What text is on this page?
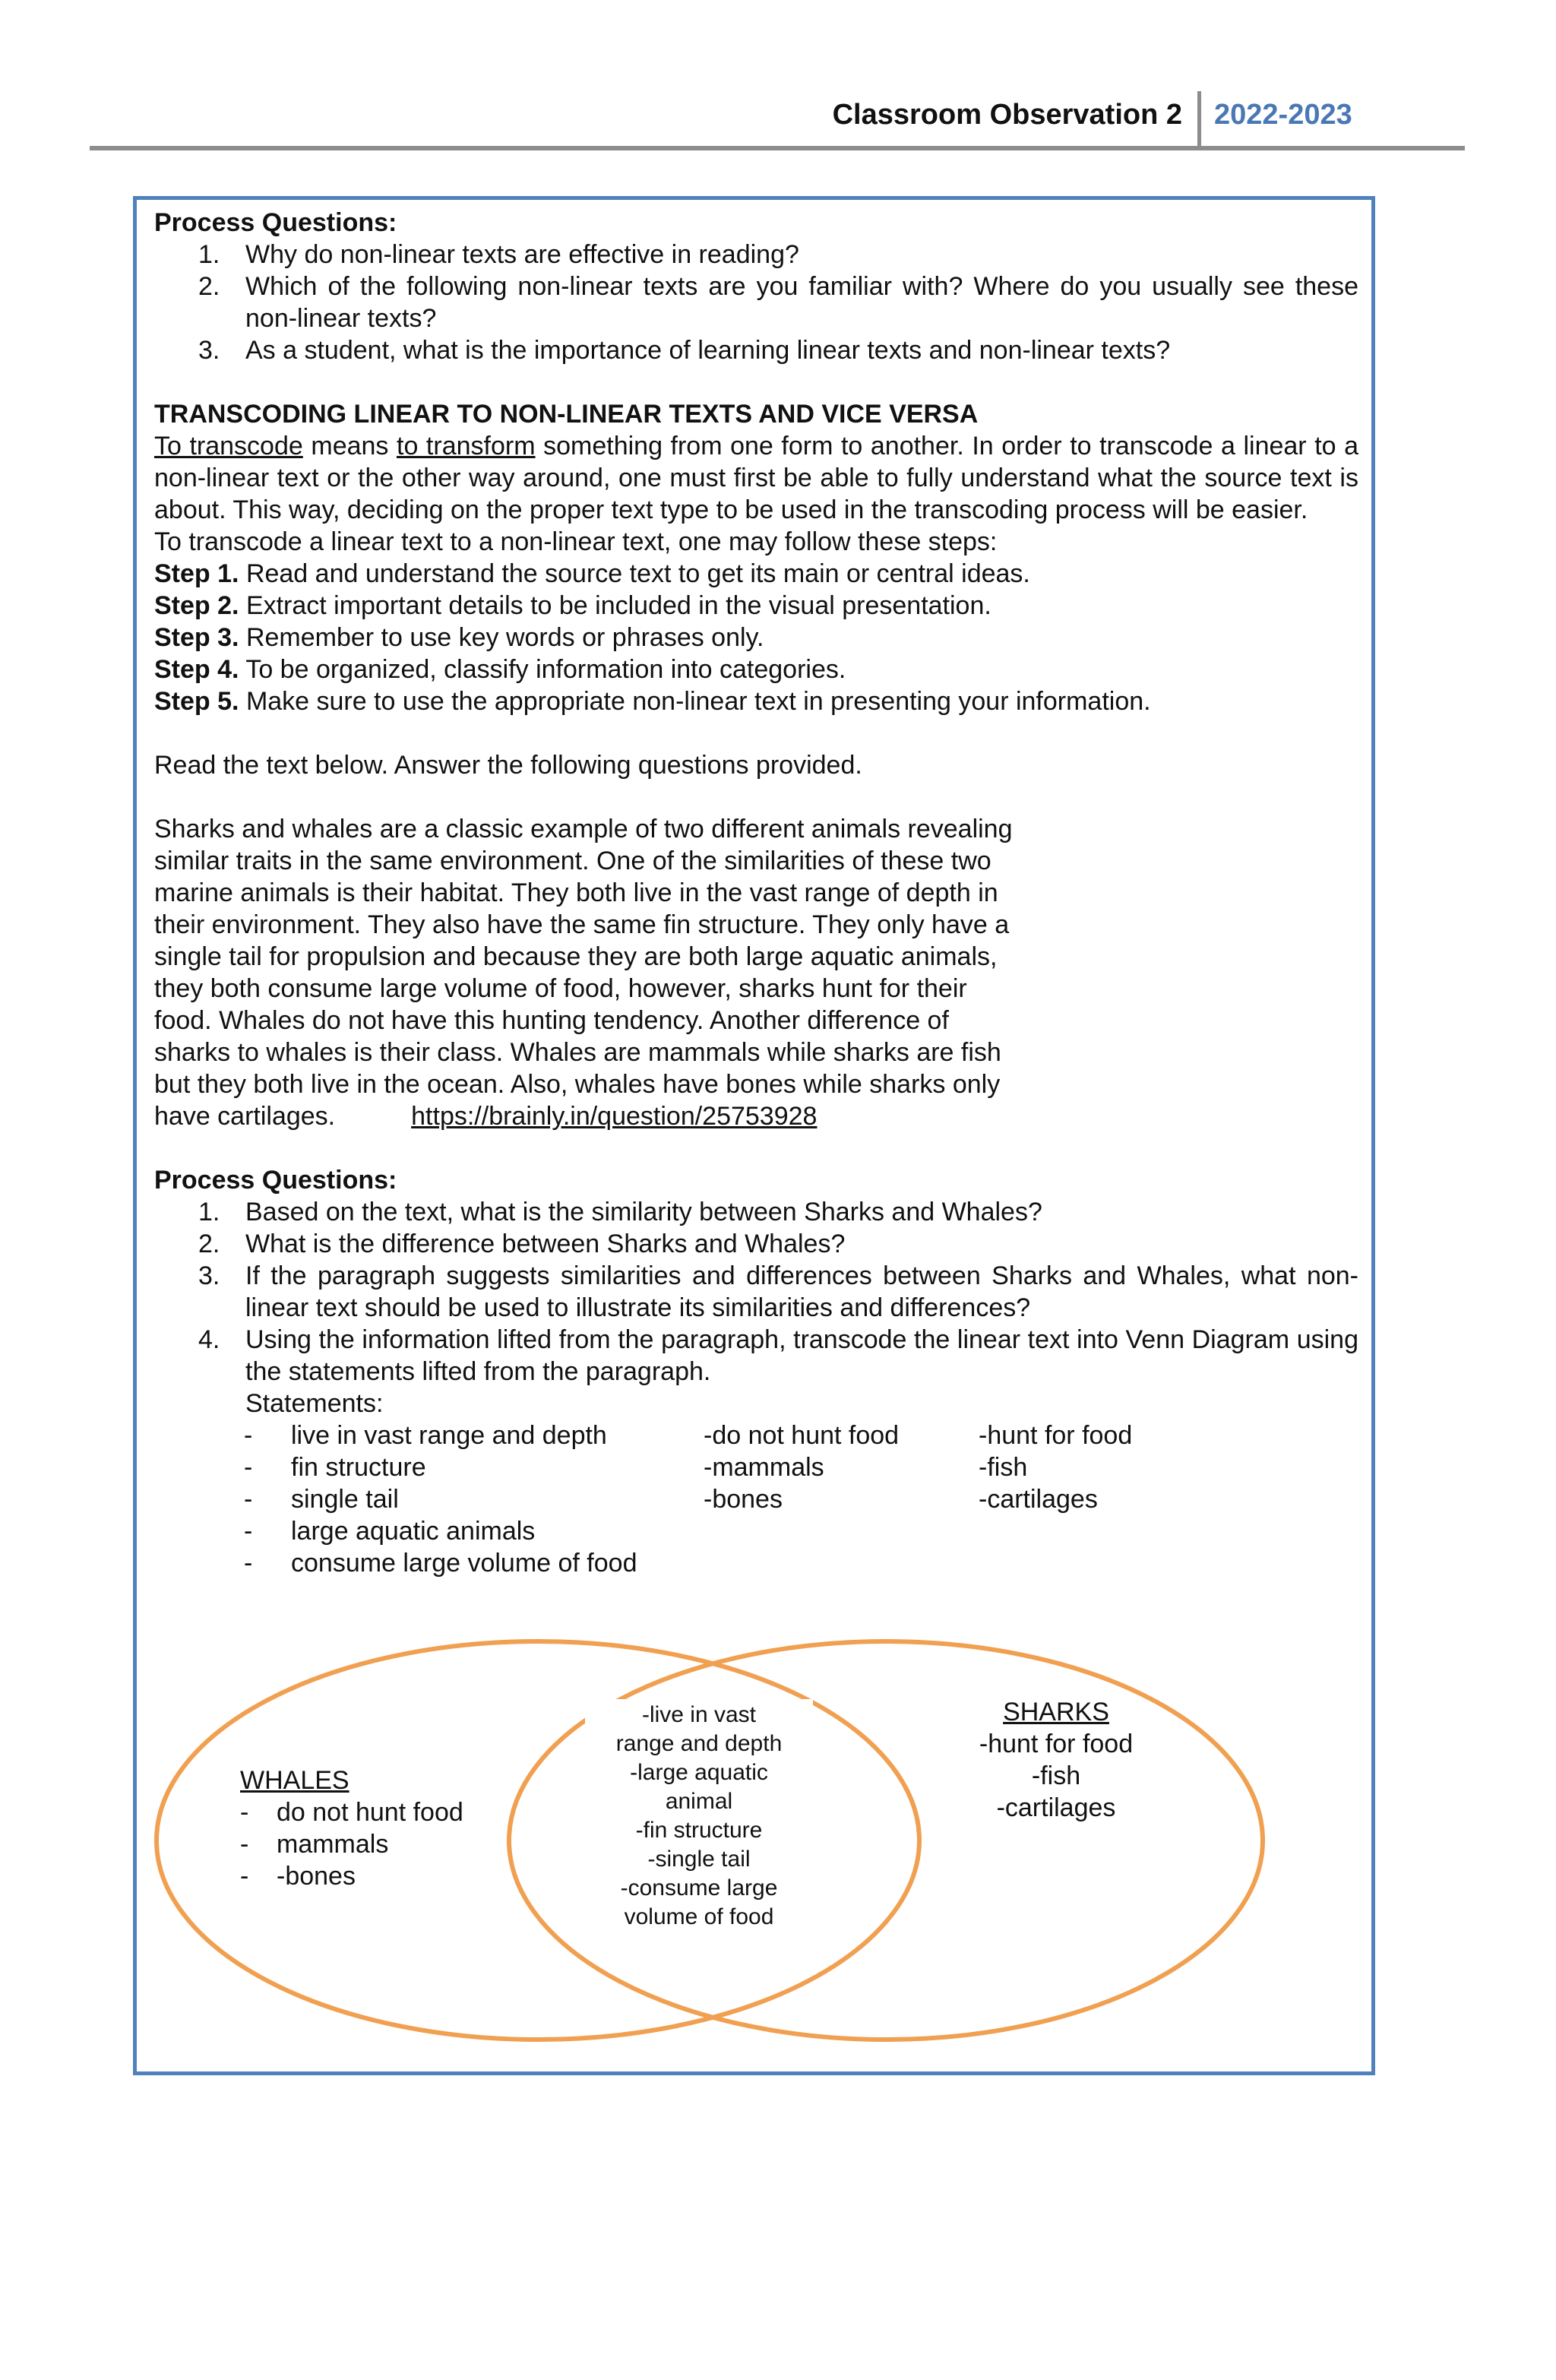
Classroom Observation 2 2022-2023
Process Questions:
1. Why do non-linear texts are effective in reading?
2. Which of the following non-linear texts are you familiar with? Where do you usually see these non-linear texts?
3. As a student, what is the importance of learning linear texts and non-linear texts?
TRANSCODING LINEAR TO NON-LINEAR TEXTS AND VICE VERSA
To transcode means to transform something from one form to another. In order to transcode a linear to a non-linear text or the other way around, one must first be able to fully understand what the source text is about. This way, deciding on the proper text type to be used in the transcoding process will be easier.
To transcode a linear text to a non-linear text, one may follow these steps:
Step 1. Read and understand the source text to get its main or central ideas.
Step 2. Extract important details to be included in the visual presentation.
Step 3. Remember to use key words or phrases only.
Step 4. To be organized, classify information into categories.
Step 5. Make sure to use the appropriate non-linear text in presenting your information.
Read the text below. Answer the following questions provided.
Sharks and whales are a classic example of two different animals revealing
similar traits in the same environment. One of the similarities of these two
marine animals is their habitat. They both live in the vast range of depth in
their environment. They also have the same fin structure. They only have a
single tail for propulsion and because they are both large aquatic animals,
they both consume large volume of food, however, sharks hunt for their
food. Whales do not have this hunting tendency. Another difference of
sharks to whales is their class. Whales are mammals while sharks are fish
but they both live in the ocean. Also, whales have bones while sharks only
have cartilages.	https://brainly.in/question/25753928
Process Questions:
1. Based on the text, what is the similarity between Sharks and Whales?
2. What is the difference between Sharks and Whales?
3. If the paragraph suggests similarities and differences between Sharks and Whales, what non-linear text should be used to illustrate its similarities and differences?
4. Using the information lifted from the paragraph, transcode the linear text into Venn Diagram using the statements lifted from the paragraph.
Statements:
- live in vast range and depth
- fin structure
- single tail
- large aquatic animals
- consume large volume of food
-do not hunt food
-mammals
-bones
-hunt for food
-fish
-cartilages
WHALES
- do not hunt food
- mammals
- -bones
-live in vast
range and depth
-large aquatic
animal
-fin structure
-single tail
-consume large
volume of food
SHARKS
-hunt for food
-fish
-cartilages
